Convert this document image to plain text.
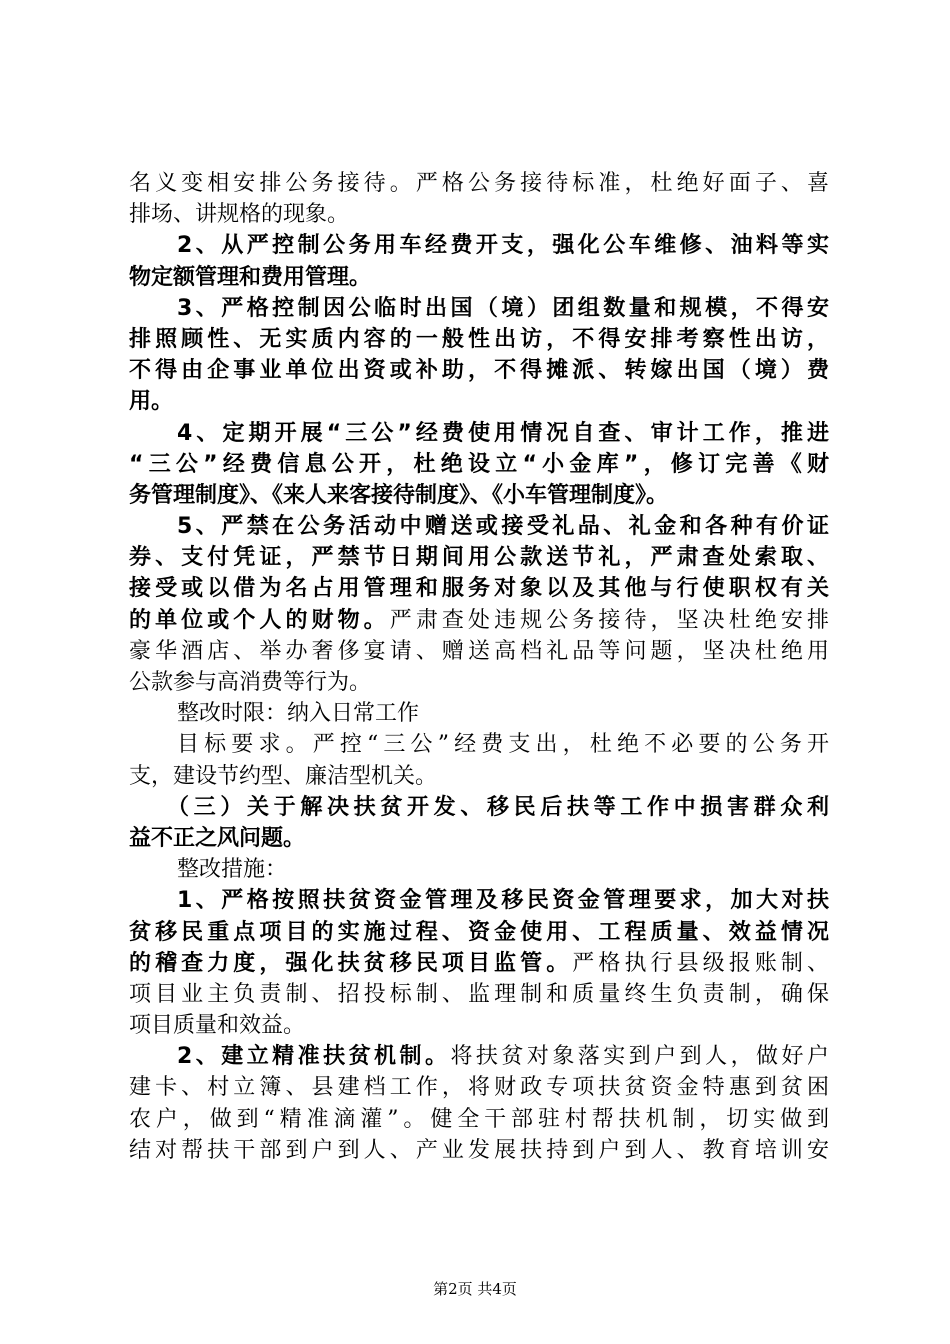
名义变相安排公务接待。严格公务接待标准，杜绝好面子、喜
排场、讲规格的现象。
2、从严控制公务用车经费开支，强化公车维修、油料等实
物定额管理和费用管理。
3、严格控制因公临时出国（境）团组数量和规模，不得安
排照顾性、无实质内容的一般性出访，不得安排考察性出访，
不得由企事业单位出资或补助，不得摊派、转嫁出国（境）费
用。
4、定期开展“三公”经费使用情况自查、审计工作，推进
“三公”经费信息公开，杜绝设立“小金库”，修订完善《财
务管理制度》、《来人来客接待制度》、《小车管理制度》。
5、严禁在公务活动中赠送或接受礼品、礼金和各种有价证
券、支付凭证，严禁节日期间用公款送节礼，严肃查处索取、
接受或以借为名占用管理和服务对象以及其他与行使职权有关
的单位或个人的财物。严肃查处违规公务接待，坚决杜绝安排
豪华酒店、举办奢侈宴请、赠送高档礼品等问题，坚决杜绝用
公款参与高消费等行为。
整改时限：纳入日常工作
目标要求。严控“三公”经费支出，杜绝不必要的公务开
支，建设节约型、廉洁型机关。
（三）关于解决扶贫开发、移民后扶等工作中损害群众利
益不正之风问题。
整改措施：
1、严格按照扶贫资金管理及移民资金管理要求，加大对扶
贫移民重点项目的实施过程、资金使用、工程质量、效益情况
的稽查力度，强化扶贫移民项目监管。严格执行县级报账制、
项目业主负责制、招投标制、监理制和质量终生负责制，确保
项目质量和效益。
2、建立精准扶贫机制。将扶贫对象落实到户到人，做好户
建卡、村立簿、县建档工作，将财政专项扶贫资金特惠到贫困
农户，做到“精准滴灌”。健全干部驻村帮扶机制，切实做到
结对帮扶干部到户到人、产业发展扶持到户到人、教育培训安
第2页 共4页
